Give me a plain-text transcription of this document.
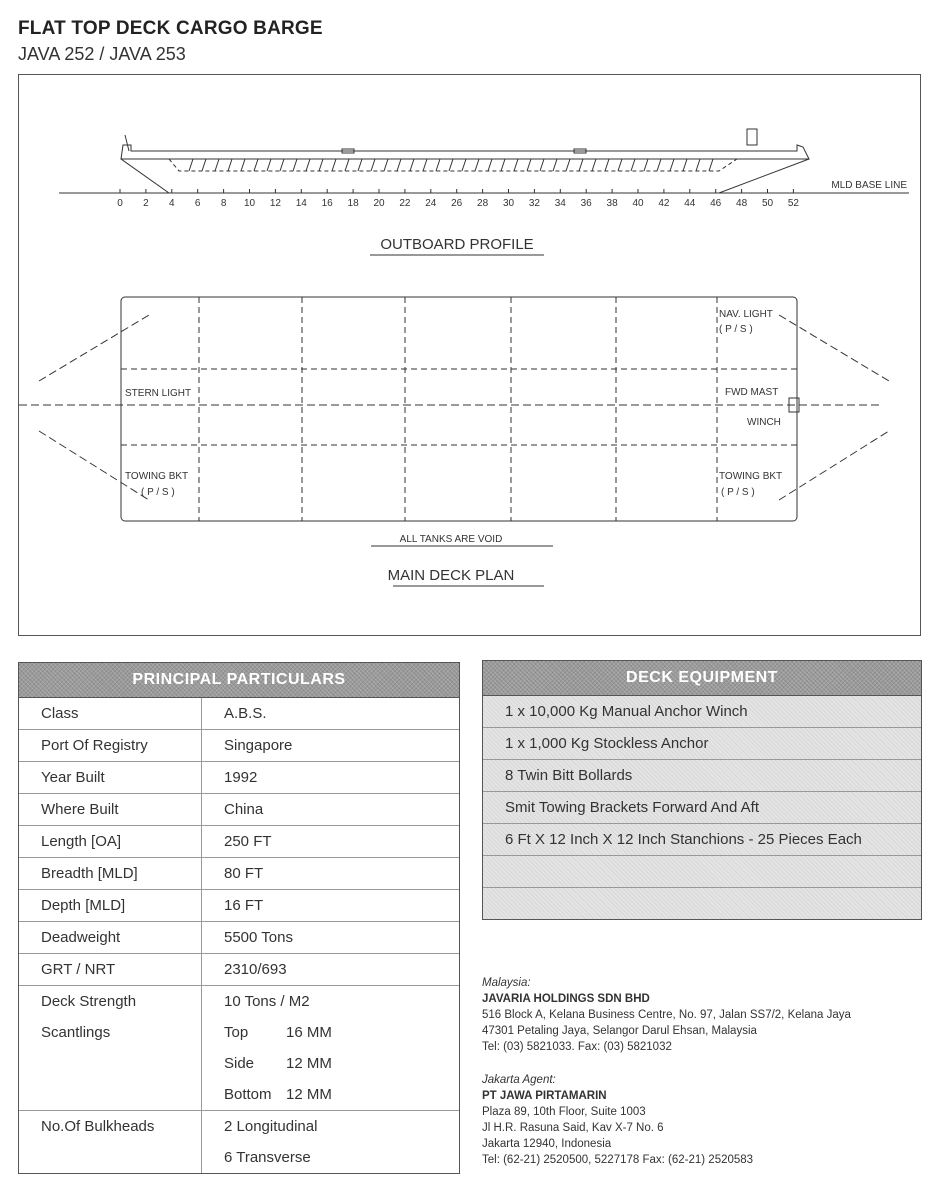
FLAT TOP DECK CARGO BARGE
JAVA 252 / JAVA 253
OUTBOARD PROFILE
MLD BASE LINE
0 2 4 6 8 10 12 14 16 18 20 22 24 26 28 30 32 34 36 38 40 42 44 46 48 50 52
STERN LIGHT
TOWING BKT
( P / S )
NAV. LIGHT
( P / S )
FWD MAST
WINCH
TOWING BKT
( P / S )
ALL TANKS ARE VOID
MAIN DECK PLAN
PRINCIPAL PARTICULARS
Class	A.B.S.
Port Of Registry	Singapore
Year Built	1992
Where Built	China
Length [OA]	250 FT
Breadth [MLD]	80 FT
Depth [MLD]	16 FT
Deadweight	5500 Tons
GRT / NRT	2310/693
Deck Strength	10 Tons / M2
Scantlings	Top	16 MM
Side 12 MM
Bottom 12 MM
No.Of Bulkheads	2 Longitudinal
6 Transverse
DECK EQUIPMENT
1 x 10,000 Kg Manual Anchor Winch
1 x 1,000 Kg Stockless Anchor
8 Twin Bitt Bollards
Smit Towing Brackets Forward And Aft
6 Ft X 12 Inch X 12 Inch Stanchions - 25 Pieces Each
Malaysia:
JAVARIA HOLDINGS SDN BHD
516 Block A, Kelana Business Centre, No. 97, Jalan SS7/2, Kelana Jaya
47301 Petaling Jaya, Selangor Darul Ehsan, Malaysia
Tel: (03) 5821033. Fax: (03) 5821032
Jakarta Agent:
PT JAWA PIRTAMARIN
Plaza 89, 10th Floor, Suite 1003
Jl H.R. Rasuna Said, Kav X-7 No. 6
Jakarta 12940, Indonesia
Tel: (62-21) 2520500, 5227178 Fax: (62-21) 2520583
